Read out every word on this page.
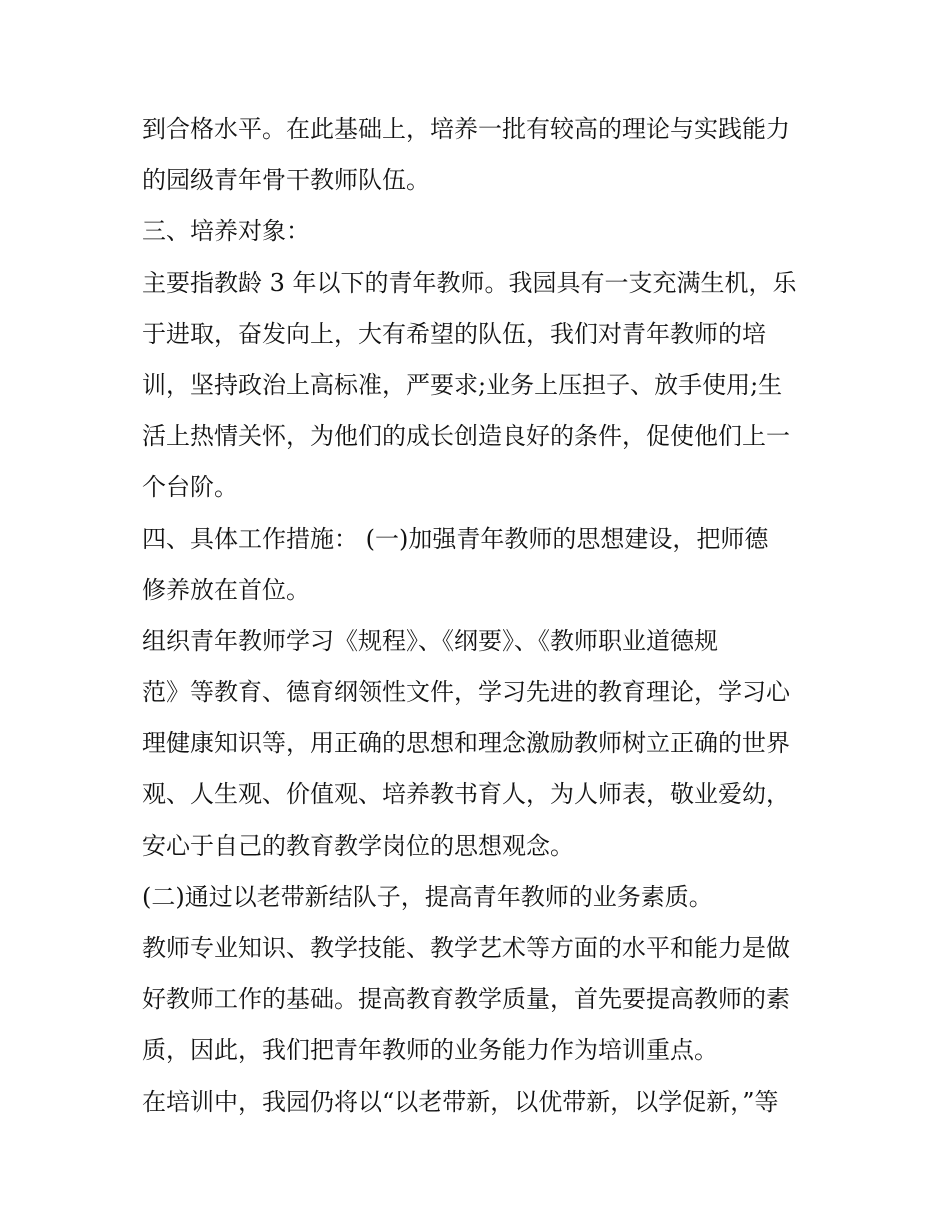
到合格水平。在此基础上，培养一批有较高的理论与实践能力
的园级青年骨干教师队伍。
三、培养对象：
主要指教龄 3 年以下的青年教师。我园具有一支充满生机，乐
于进取，奋发向上，大有希望的队伍，我们对青年教师的培
训，坚持政治上高标准，严要求;业务上压担子、放手使用;生
活上热情关怀，为他们的成长创造良好的条件，促使他们上一
个台阶。
四、具体工作措施： (一)加强青年教师的思想建设，把师德
修养放在首位。
组织青年教师学习《规程》、《纲要》、《教师职业道德规
范》等教育、德育纲领性文件，学习先进的教育理论，学习心
理健康知识等，用正确的思想和理念激励教师树立正确的世界
观、人生观、价值观、培养教书育人，为人师表，敬业爱幼，
安心于自己的教育教学岗位的思想观念。
(二)通过以老带新结队子，提高青年教师的业务素质。
教师专业知识、教学技能、教学艺术等方面的水平和能力是做
好教师工作的基础。提高教育教学质量，首先要提高教师的素
质，因此，我们把青年教师的业务能力作为培训重点。
在培训中，我园仍将以“以老带新，以优带新，以学促新，”等
